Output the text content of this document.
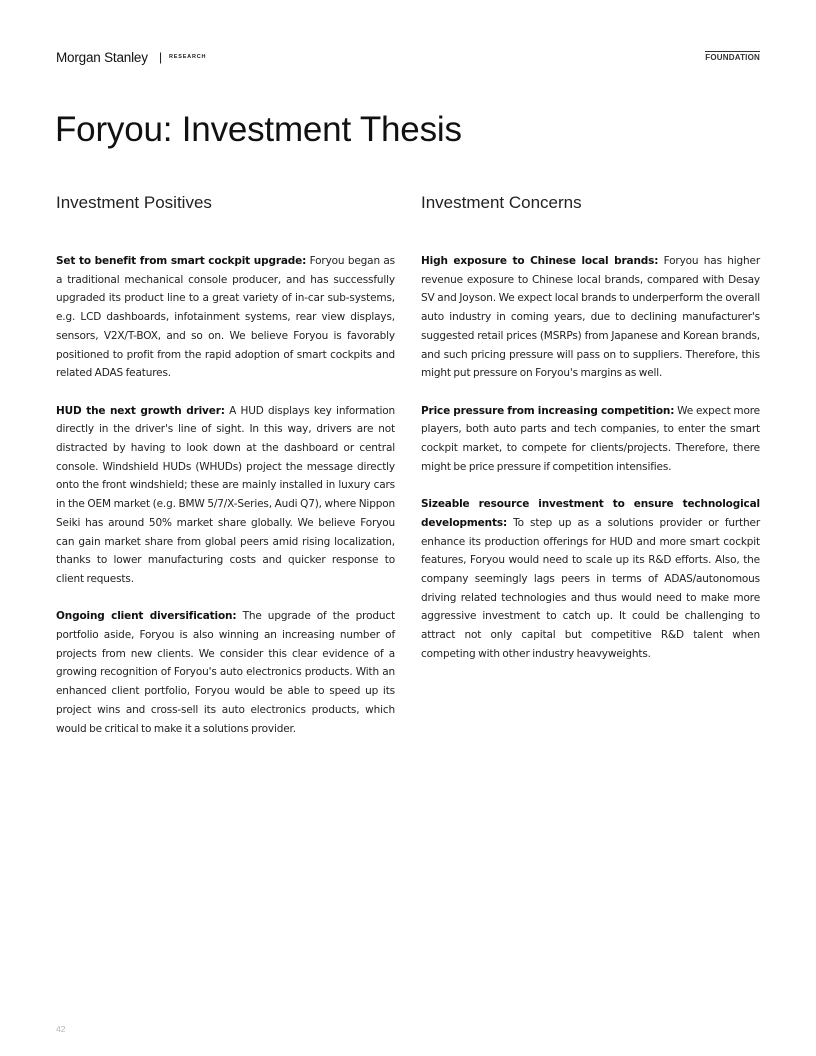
Morgan Stanley | RESEARCH	FOUNDATION
Foryou: Investment Thesis
Investment Positives

Set to benefit from smart cockpit upgrade: Foryou began as a traditional mechanical console producer, and has successfully upgraded its product line to a great variety of in-car sub-systems, e.g. LCD dashboards, infotainment systems, rear view displays, sensors, V2X/T-BOX, and so on. We believe Foryou is favorably positioned to profit from the rapid adoption of smart cockpits and related ADAS features.

HUD the next growth driver: A HUD displays key information directly in the driver's line of sight. In this way, drivers are not distracted by having to look down at the dashboard or central console. Windshield HUDs (WHUDs) project the message directly onto the front windshield; these are mainly installed in luxury cars in the OEM market (e.g. BMW 5/7/X-Series, Audi Q7), where Nippon Seiki has around 50% market share globally. We believe Foryou can gain market share from global peers amid rising localization, thanks to lower manufacturing costs and quicker response to client requests.

Ongoing client diversification: The upgrade of the product portfolio aside, Foryou is also winning an increasing number of projects from new clients. We consider this clear evidence of a growing recognition of Foryou's auto electronics products. With an enhanced client portfolio, Foryou would be able to speed up its project wins and cross-sell its auto electronics products, which would be critical to make it a solutions provider.

Investment Concerns

High exposure to Chinese local brands: Foryou has higher revenue exposure to Chinese local brands, compared with Desay SV and Joyson. We expect local brands to underperform the overall auto industry in coming years, due to declining manufacturer's suggested retail prices (MSRPs) from Japanese and Korean brands, and such pricing pressure will pass on to suppliers. Therefore, this might put pressure on Foryou's margins as well.

Price pressure from increasing competition: We expect more players, both auto parts and tech companies, to enter the smart cockpit market, to compete for clients/projects. Therefore, there might be price pressure if competition intensifies.

Sizeable resource investment to ensure technological developments: To step up as a solutions provider or further enhance its production offerings for HUD and more smart cockpit features, Foryou would need to scale up its R&D efforts. Also, the company seemingly lags peers in terms of ADAS/autonomous driving related technologies and thus would need to make more aggressive investment to catch up. It could be challenging to attract not only capital but competitive R&D talent when competing with other industry heavyweights.

42
